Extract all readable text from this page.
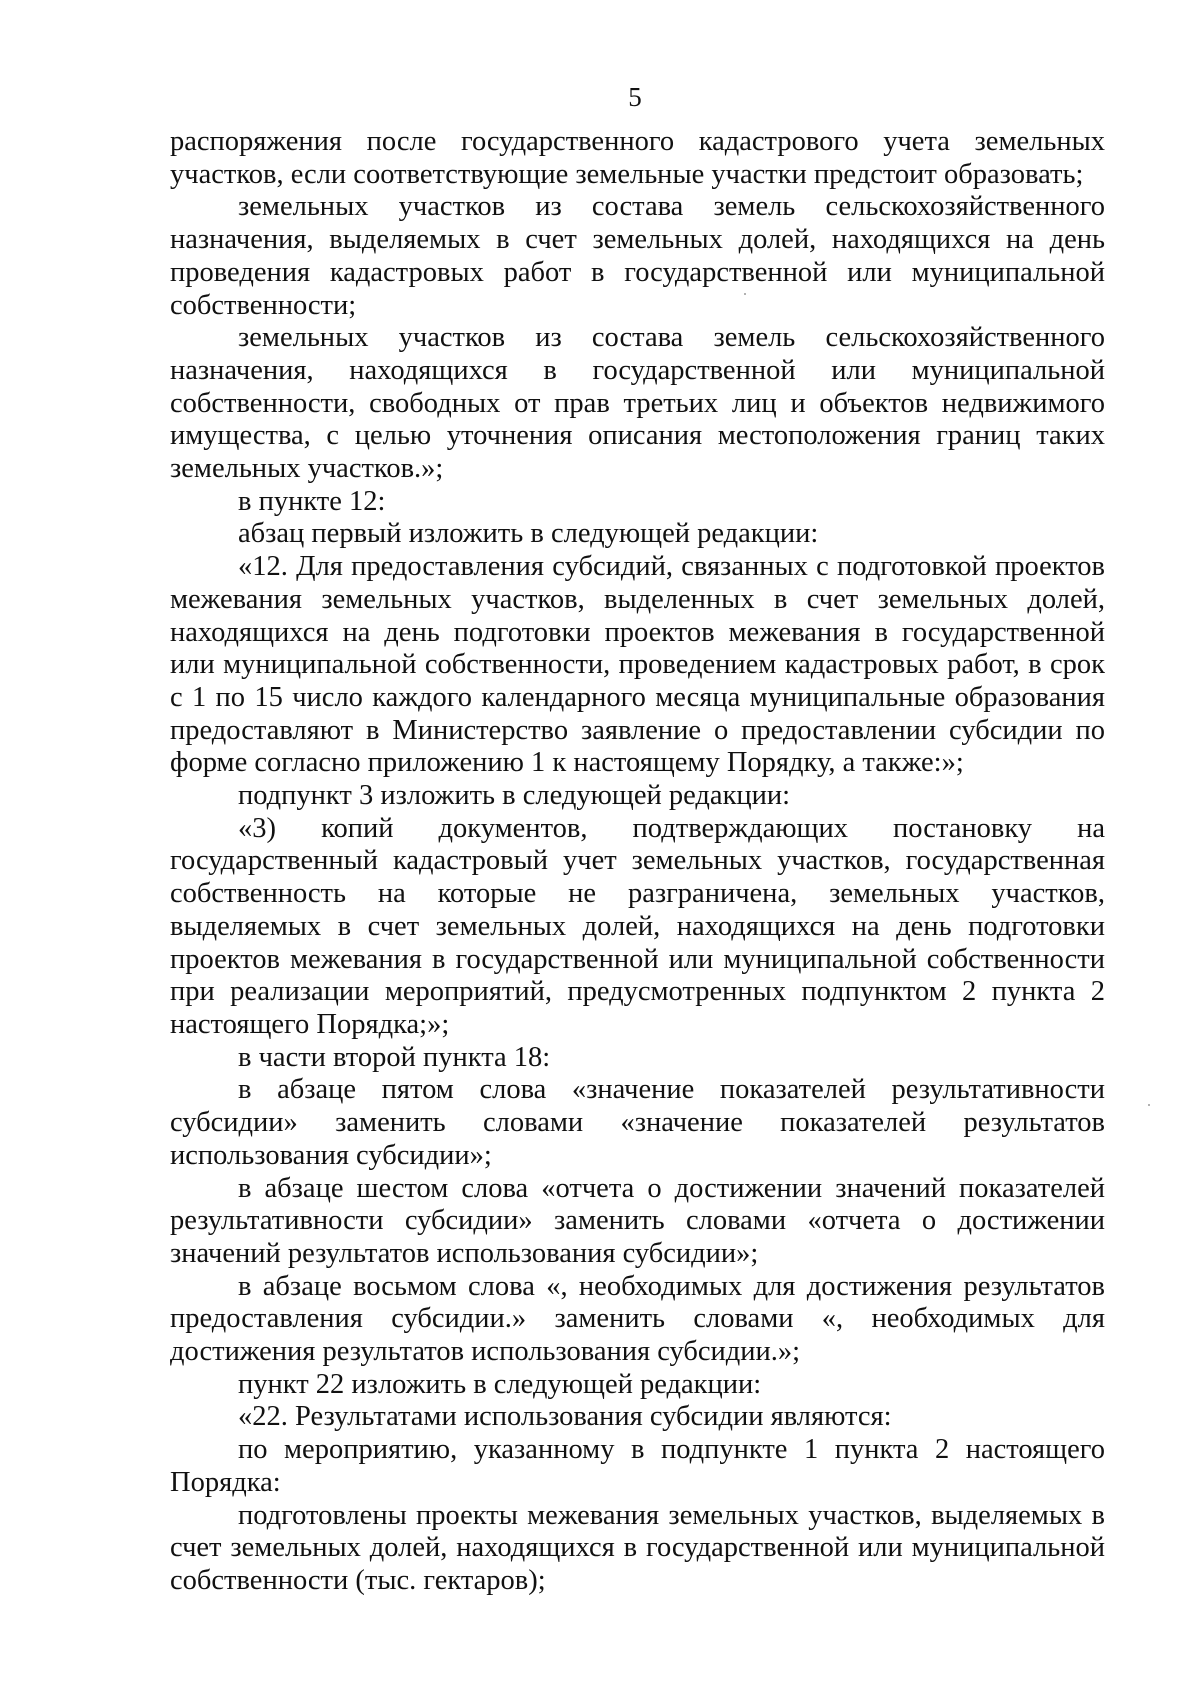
5

распоряжения после государственного кадастрового учета земельных участков, если соответствующие земельные участки предстоит образовать;

земельных участков из состава земель сельскохозяйственного назначения, выделяемых в счет земельных долей, находящихся на день проведения кадастровых работ в государственной или муниципальной собственности;

земельных участков из состава земель сельскохозяйственного назначения, находящихся в государственной или муниципальной собственности, свободных от прав третьих лиц и объектов недвижимого имущества, с целью уточнения описания местоположения границ таких земельных участков.»;

в пункте 12:

абзац первый изложить в следующей редакции:

«12. Для предоставления субсидий, связанных с подготовкой проектов межевания земельных участков, выделенных в счет земельных долей, находящихся на день подготовки проектов межевания в государственной или муниципальной собственности, проведением кадастровых работ, в срок с 1 по 15 число каждого календарного месяца муниципальные образования предоставляют в Министерство заявление о предоставлении субсидии по форме согласно приложению 1 к настоящему Порядку, а также:»;

подпункт 3 изложить в следующей редакции:

«3) копий документов, подтверждающих постановку на государственный кадастровый учет земельных участков, государственная собственность на которые не разграничена, земельных участков, выделяемых в счет земельных долей, находящихся на день подготовки проектов межевания в государственной или муниципальной собственности при реализации мероприятий, предусмотренных подпунктом 2 пункта 2 настоящего Порядка;»;

в части второй пункта 18:

в абзаце пятом слова «значение показателей результативности субсидии» заменить словами «значение показателей результатов использования субсидии»;

в абзаце шестом слова «отчета о достижении значений показателей результативности субсидии» заменить словами «отчета о достижении значений результатов использования субсидии»;

в абзаце восьмом слова «, необходимых для достижения результатов предоставления субсидии.» заменить словами «, необходимых для достижения результатов использования субсидии.»;

пункт 22 изложить в следующей редакции:

«22. Результатами использования субсидии являются:

по мероприятию, указанному в подпункте 1 пункта 2 настоящего Порядка:

подготовлены проекты межевания земельных участков, выделяемых в счет земельных долей, находящихся в государственной или муниципальной собственности (тыс. гектаров);
